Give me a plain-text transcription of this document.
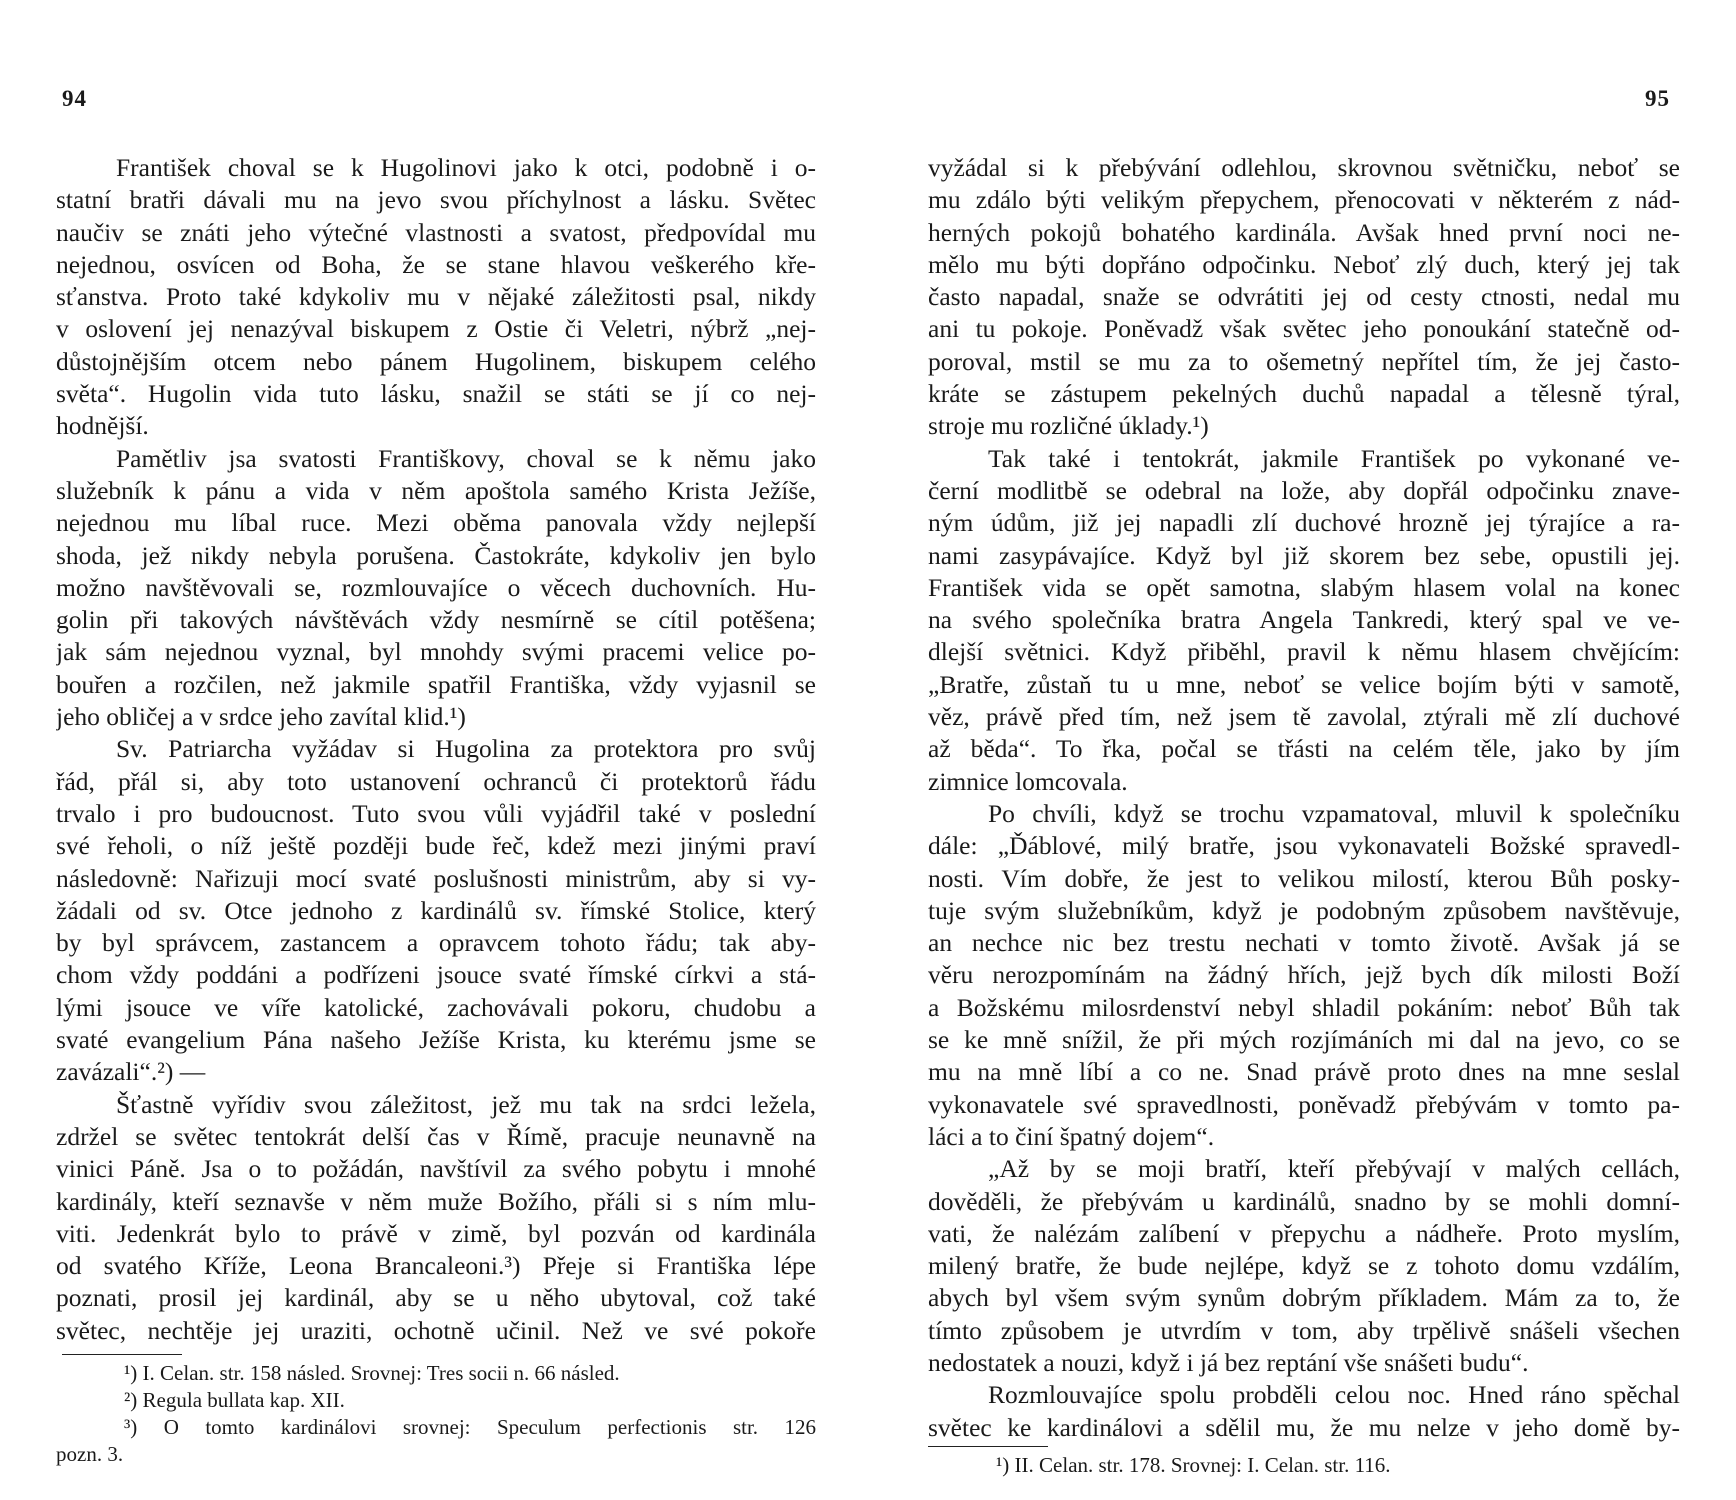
94
František choval se k Hugolinovi jako k otci, podobně i o-
statní bratři dávali mu na jevo svou příchylnost a lásku. Světec
naučiv se znáti jeho výtečné vlastnosti a svatost, předpovídal mu
nejednou, osvícen od Boha, že se stane hlavou veškerého kře-
sťanstva. Proto také kdykoliv mu v nějaké záležitosti psal, nikdy
v oslovení jej nenazýval biskupem z Ostie či Veletri, nýbrž „nej-
důstojnějším otcem nebo pánem Hugolinem, biskupem celého
světa“. Hugolin vida tuto lásku, snažil se státi se jí co nej-
hodnější.
Pamětliv jsa svatosti Františkovy, choval se k němu jako
služebník k pánu a vida v něm apoštola samého Krista Ježíše,
nejednou mu líbal ruce. Mezi oběma panovala vždy nejlepší
shoda, jež nikdy nebyla porušena. Častokráte, kdykoliv jen bylo
možno navštěvovali se, rozmlouvajíce o věcech duchovních. Hu-
golin při takových návštěvách vždy nesmírně se cítil potěšena;
jak sám nejednou vyznal, byl mnohdy svými pracemi velice po-
bouřen a rozčilen, než jakmile spatřil Františka, vždy vyjasnil se
jeho obličej a v srdce jeho zavítal klid.¹)
Sv. Patriarcha vyžádav si Hugolina za protektora pro svůj
řád, přál si, aby toto ustanovení ochranců či protektorů řádu
trvalo i pro budoucnost. Tuto svou vůli vyjádřil také v poslední
své řeholi, o níž ještě později bude řeč, kdež mezi jinými praví
následovně: Nařizuji mocí svaté poslušnosti ministrům, aby si vy-
žádali od sv. Otce jednoho z kardinálů sv. římské Stolice, který
by byl správcem, zastancem a opravcem tohoto řádu; tak aby-
chom vždy poddáni a podřízeni jsouce svaté římské církvi a stá-
lými jsouce ve víře katolické, zachovávali pokoru, chudobu a
svaté evangelium Pána našeho Ježíše Krista, ku kterému jsme se
zavázali“.²) —
Šťastně vyřídiv svou záležitost, jež mu tak na srdci ležela,
zdržel se světec tentokrát delší čas v Římě, pracuje neunavně na
vinici Páně. Jsa o to požádán, navštívil za svého pobytu i mnohé
kardinály, kteří seznavše v něm muže Božího, přáli si s ním mlu-
viti. Jedenkrát bylo to právě v zimě, byl pozván od kardinála
od svatého Kříže, Leona Brancaleoni.³) Přeje si Františka lépe
poznati, prosil jej kardinál, aby se u něho ubytoval, což také
světec, nechtěje jej uraziti, ochotně učinil. Než ve své pokoře
¹) I. Celan. str. 158 násled. Srovnej: Tres socii n. 66 násled.
²) Regula bullata kap. XII.
³) O tomto kardinálovi srovnej: Speculum perfectionis str. 126
pozn. 3.
95
vyžádal si k přebývání odlehlou, skrovnou světničku, neboť se
mu zdálo býti velikým přepychem, přenocovati v některém z nád-
herných pokojů bohatého kardinála. Avšak hned první noci ne-
mělo mu býti dopřáno odpočinku. Neboť zlý duch, který jej tak
často napadal, snaže se odvrátiti jej od cesty ctnosti, nedal mu
ani tu pokoje. Poněvadž však světec jeho ponoukání statečně od-
poroval, mstil se mu za to ošemetný nepřítel tím, že jej často-
kráte se zástupem pekelných duchů napadal a tělesně týral,
stroje mu rozličné úklady.¹)
Tak také i tentokrát, jakmile František po vykonané ve-
černí modlitbě se odebral na lože, aby dopřál odpočinku znave-
ným údům, již jej napadli zlí duchové hrozně jej týrajíce a ra-
nami zasypávajíce. Když byl již skorem bez sebe, opustili jej.
František vida se opět samotna, slabým hlasem volal na konec
na svého společníka bratra Angela Tankredi, který spal ve ve-
dlejší světnici. Když přiběhl, pravil k němu hlasem chvějícím:
„Bratře, zůstaň tu u mne, neboť se velice bojím býti v samotě,
věz, právě před tím, než jsem tě zavolal, ztýrali mě zlí duchové
až běda“. To řka, počal se třásti na celém těle, jako by jím
zimnice lomcovala.
Po chvíli, když se trochu vzpamatoval, mluvil k společníku
dále: „Ďáblové, milý bratře, jsou vykonavateli Božské spravedl-
nosti. Vím dobře, že jest to velikou milostí, kterou Bůh posky-
tuje svým služebníkům, když je podobným způsobem navštěvuje,
an nechce nic bez trestu nechati v tomto životě. Avšak já se
věru nerozpomínám na žádný hřích, jejž bych dík milosti Boží
a Božskému milosrdenství nebyl shladil pokáním: neboť Bůh tak
se ke mně snížil, že při mých rozjímáních mi dal na jevo, co se
mu na mně líbí a co ne. Snad právě proto dnes na mne seslal
vykonavatele své spravedlnosti, poněvadž přebývám v tomto pa-
láci a to činí špatný dojem“.
„Až by se moji bratří, kteří přebývají v malých cellách,
dověděli, že přebývám u kardinálů, snadno by se mohli domní-
vati, že nalézám zalíbení v přepychu a nádheře. Proto myslím,
milený bratře, že bude nejlépe, když se z tohoto domu vzdálím,
abych byl všem svým synům dobrým příkladem. Mám za to, že
tímto způsobem je utvrdím v tom, aby trpělivě snášeli všechen
nedostatek a nouzi, když i já bez reptání vše snášeti budu“.
Rozmlouvajíce spolu probděli celou noc. Hned ráno spěchal
světec ke kardinálovi a sdělil mu, že mu nelze v jeho domě by-
¹) II. Celan. str. 178. Srovnej: I. Celan. str. 116.
